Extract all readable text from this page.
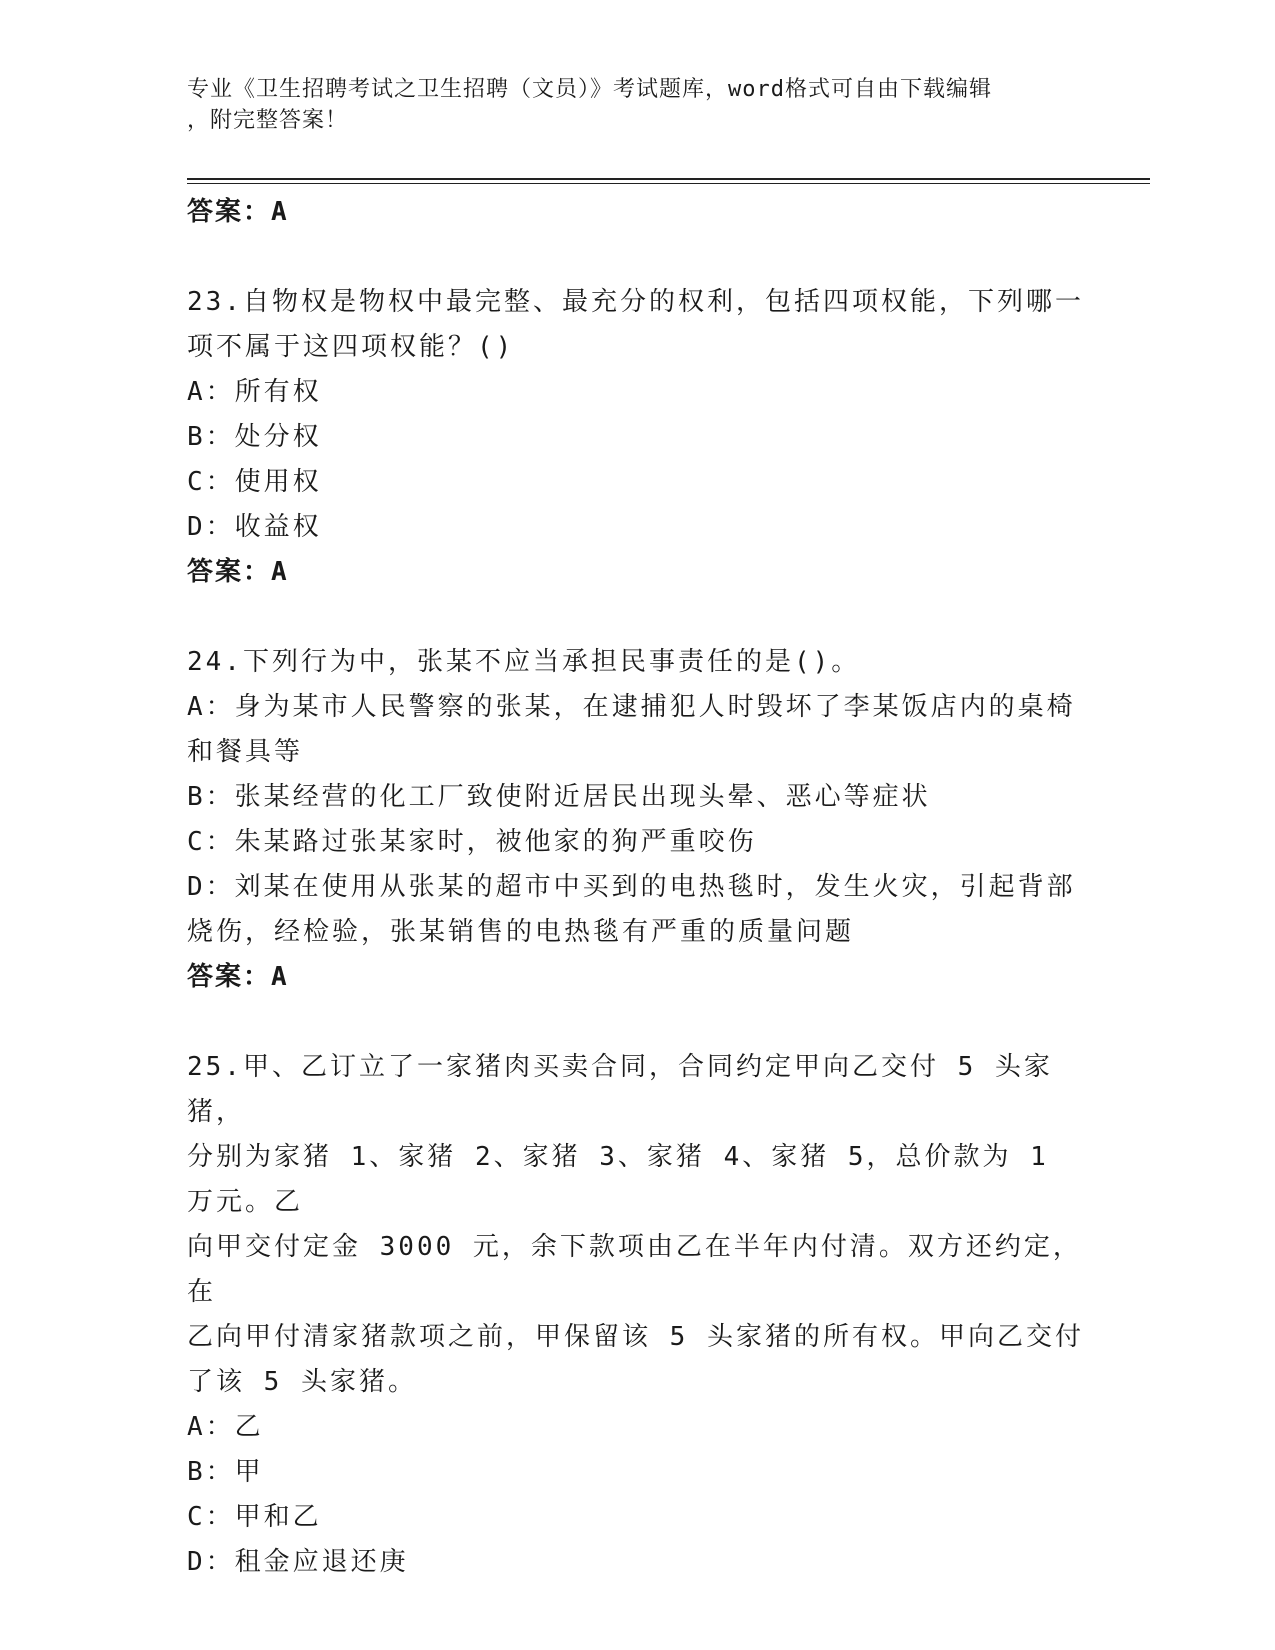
专业《卫生招聘考试之卫生招聘（文员）》考试题库，word格式可自由下载编辑
，附完整答案！
答案：A
23.自物权是物权中最完整、最充分的权利，包括四项权能，下列哪一
项不属于这四项权能？()
A：所有权
B：处分权
C：使用权
D：收益权
答案：A
24.下列行为中，张某不应当承担民事责任的是()。
A：身为某市人民警察的张某，在逮捕犯人时毁坏了李某饭店内的桌椅
和餐具等
B：张某经营的化工厂致使附近居民出现头晕、恶心等症状
C：朱某路过张某家时，被他家的狗严重咬伤
D：刘某在使用从张某的超市中买到的电热毯时，发生火灾，引起背部
烧伤，经检验，张某销售的电热毯有严重的质量问题
答案：A
25.甲、乙订立了一家猪肉买卖合同，合同约定甲向乙交付 5 头家猪，
分别为家猪 1、家猪 2、家猪 3、家猪 4、家猪 5，总价款为 1 万元。乙
向甲交付定金 3000 元，余下款项由乙在半年内付清。双方还约定，在
乙向甲付清家猪款项之前，甲保留该 5 头家猪的所有权。甲向乙交付
了该 5 头家猪。
A：乙
B：甲
C：甲和乙
D：租金应退还庚
